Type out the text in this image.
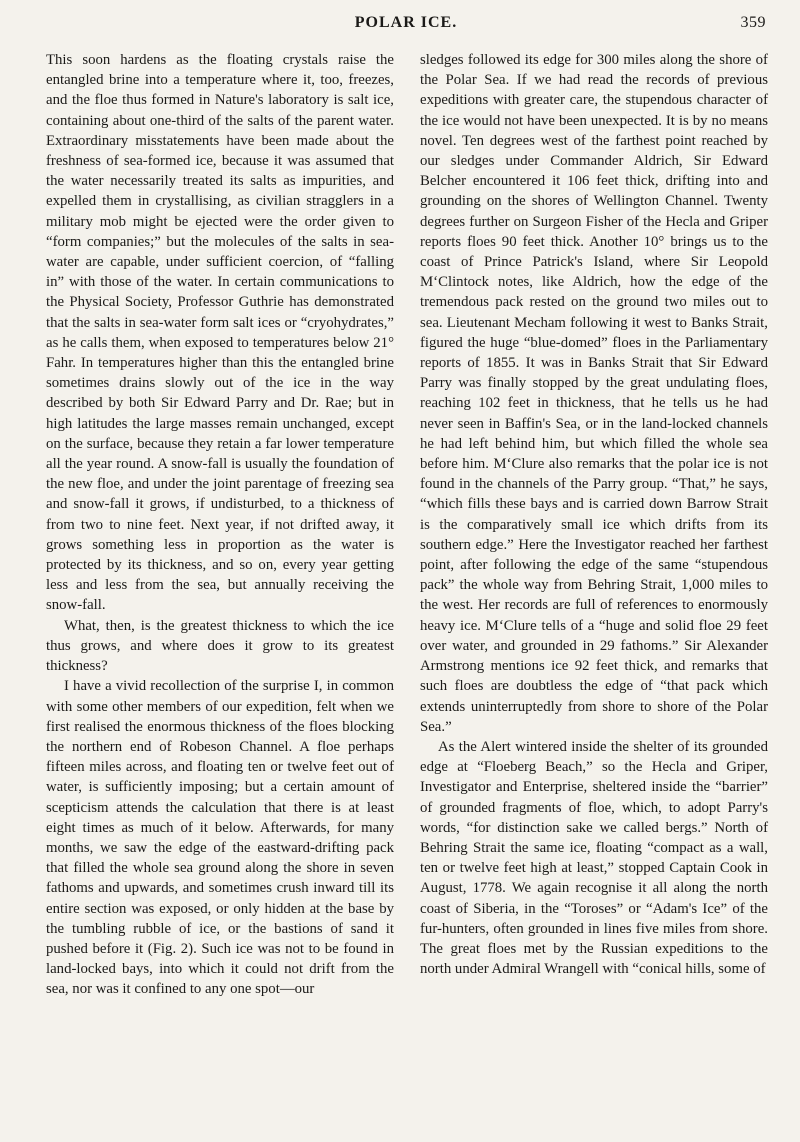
POLAR ICE.	359

This soon hardens as the floating crystals raise the entangled brine into a temperature where it, too, freezes, and the floe thus formed in Nature's laboratory is salt ice, containing about one-third of the salts of the parent water. Extraordinary misstatements have been made about the freshness of sea-formed ice, because it was assumed that the water necessarily treated its salts as impurities, and expelled them in crystallising, as civilian stragglers in a military mob might be ejected were the order given to “form companies;” but the molecules of the salts in sea-water are capable, under sufficient coercion, of “falling in” with those of the water. In certain communications to the Physical Society, Professor Guthrie has demonstrated that the salts in sea-water form salt ices or “cryohydrates,” as he calls them, when exposed to temperatures below 21° Fahr. In temperatures higher than this the entangled brine sometimes drains slowly out of the ice in the way described by both Sir Edward Parry and Dr. Rae; but in high latitudes the large masses remain unchanged, except on the surface, because they retain a far lower temperature all the year round. A snow-fall is usually the foundation of the new floe, and under the joint parentage of freezing sea and snow-fall it grows, if undisturbed, to a thickness of from two to nine feet. Next year, if not drifted away, it grows something less in proportion as the water is protected by its thickness, and so on, every year getting less and less from the sea, but annually receiving the snow-fall.

What, then, is the greatest thickness to which the ice thus grows, and where does it grow to its greatest thickness?

I have a vivid recollection of the surprise I, in common with some other members of our expedition, felt when we first realised the enormous thickness of the floes blocking the northern end of Robeson Channel. A floe perhaps fifteen miles across, and floating ten or twelve feet out of water, is sufficiently imposing; but a certain amount of scepticism attends the calculation that there is at least eight times as much of it below. Afterwards, for many months, we saw the edge of the eastward-drifting pack that filled the whole sea ground along the shore in seven fathoms and upwards, and sometimes crush inward till its entire section was exposed, or only hidden at the base by the tumbling rubble of ice, or the bastions of sand it pushed before it (Fig. 2). Such ice was not to be found in land-locked bays, into which it could not drift from the sea, nor was it confined to any one spot—our

sledges followed its edge for 300 miles along the shore of the Polar Sea. If we had read the records of previous expeditions with greater care, the stupendous character of the ice would not have been unexpected. It is by no means novel. Ten degrees west of the farthest point reached by our sledges under Commander Aldrich, Sir Edward Belcher encountered it 106 feet thick, drifting into and grounding on the shores of Wellington Channel. Twenty degrees further on Surgeon Fisher of the Hecla and Griper reports floes 90 feet thick. Another 10° brings us to the coast of Prince Patrick's Island, where Sir Leopold M‘Clintock notes, like Aldrich, how the edge of the tremendous pack rested on the ground two miles out to sea. Lieutenant Mecham following it west to Banks Strait, figured the huge “blue-domed” floes in the Parliamentary reports of 1855. It was in Banks Strait that Sir Edward Parry was finally stopped by the great undulating floes, reaching 102 feet in thickness, that he tells us he had never seen in Baffin's Sea, or in the land-locked channels he had left behind him, but which filled the whole sea before him. M‘Clure also remarks that the polar ice is not found in the channels of the Parry group. “That,” he says, “which fills these bays and is carried down Barrow Strait is the comparatively small ice which drifts from its southern edge.” Here the Investigator reached her farthest point, after following the edge of the same “stupendous pack” the whole way from Behring Strait, 1,000 miles to the west. Her records are full of references to enormously heavy ice. M‘Clure tells of a “huge and solid floe 29 feet over water, and grounded in 29 fathoms.” Sir Alexander Armstrong mentions ice 92 feet thick, and remarks that such floes are doubtless the edge of “that pack which extends uninterruptedly from shore to shore of the Polar Sea.”

As the Alert wintered inside the shelter of its grounded edge at “Floeberg Beach,” so the Hecla and Griper, Investigator and Enterprise, sheltered inside the “barrier” of grounded fragments of floe, which, to adopt Parry's words, “for distinction sake we called bergs.” North of Behring Strait the same ice, floating “compact as a wall, ten or twelve feet high at least,” stopped Captain Cook in August, 1778. We again recognise it all along the north coast of Siberia, in the “Toroses” or “Adam's Ice” of the fur-hunters, often grounded in lines five miles from shore. The great floes met by the Russian expeditions to the north under Admiral Wrangell with “conical hills, some of
